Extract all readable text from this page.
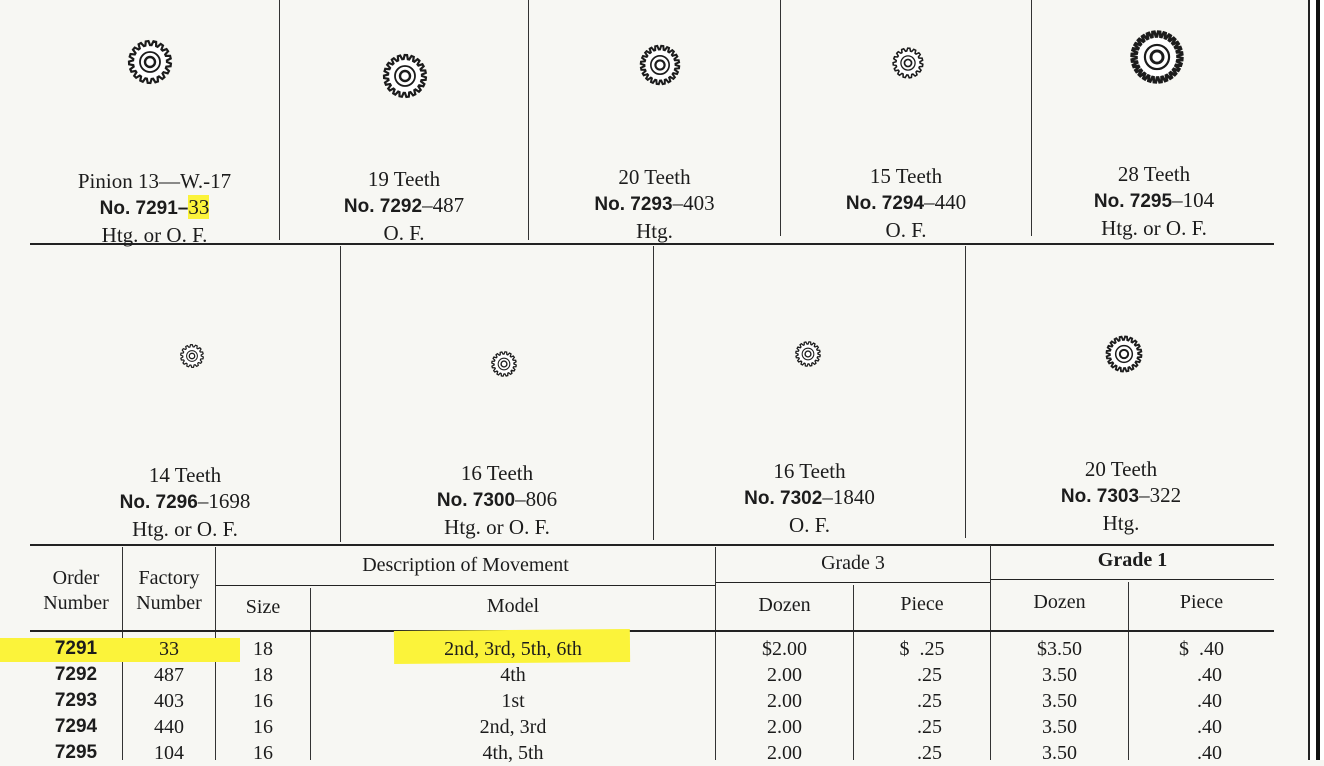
Pinion 13—W.-17
No. 7291–33
Htg. or O. F.
19 Teeth
No. 7292–487
O. F.
20 Teeth
No. 7293–403
Htg.
15 Teeth
No. 7294–440
O. F.
28 Teeth
No. 7295–104
Htg. or O. F.
14 Teeth
No. 7296–1698
Htg. or O. F.
16 Teeth
No. 7300–806
Htg. or O. F.
16 Teeth
No. 7302–1840
O. F.
20 Teeth
No. 7303–322
Htg.
Order
Number
Factory
Number
Description of Movement
Size	Model
Grade 3	Grade 1
Dozen	Piece	Dozen	Piece
7291	33	18	2nd, 3rd, 5th, 6th	$2.00	$  .25	$3.50	$  .40
7292	487	18	4th	2.00	.25	3.50	.40
7293	403	16	1st	2.00	.25	3.50	.40
7294	440	16	2nd, 3rd	2.00	.25	3.50	.40
7295	104	16	4th, 5th	2.00	.25	3.50	.40
